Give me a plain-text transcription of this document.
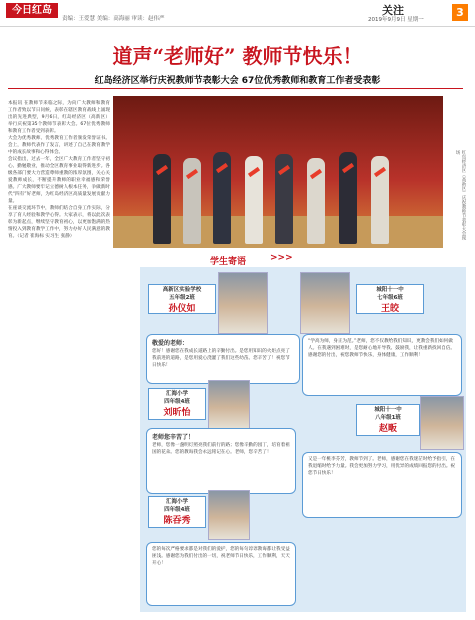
今日红岛
责编：王爱慧 美编：高海丽 审读：赵伟严
关注
2019年9月9日 星期一
3
道声“老师好” 教师节快乐！
红岛经济区举行庆祝教师节表彰大会 67位优秀教师和教育工作者受表彰
本报讯 在教师节来临之际，为向广大教师和教育工作者致以节日问候，表彰在辖区教育战线上涌现出的先进典型，9月6日，红岛经济区（高新区）举行庆祝第35个教师节表彰大会。67位优秀教师和教育工作者受到表彰。
大会为优秀教师、优秀教育工作者颁发荣誉证书。会上，教师代表作了发言，讲述了自己在教育教学中的成长故事和心得体会。
会议指出，过去一年，全区广大教育工作者坚守初心、勤勉敬业，推动全区教育事业取得新进步。各级各部门要大力营造尊师重教的浓厚氛围，关心关爱教师成长，不断提升教师的职业幸福感和荣誉感。广大教师要牢记立德树人根本任务，争做新时代“四有”好老师，为红岛经济区高质量发展贡献力量。
在座谈交流环节中，教师们结合自身工作实际，分享了育人经验和教学心得。大家表示，将以此次表彰为新起点，继续坚守教育初心，以更加饱满的热情投入到教育教学工作中，努力办好人民满意的教育。（记者 崔海标 实习生 张静）	红岛经济区（高新区）庆祝教师节表彰大会现场
学生寄语	>>>
高新区实验学校
五年级2班
孙仪如
敬爱的老师：
您好！感谢您在我成长道路上的辛勤付出。是您用知识的火炬点亮了我前进的道路，是您用爱心浇灌了我们这些幼苗。您辛苦了！祝您节日快乐！
城阳十一中
七年级6班
王皎
“学高为师，身正为范。”老师，您不仅教给我们知识，更教会我们如何做人。在我遇到困难时，是您耐心地开导我、鼓励我，让我重新找回自信。感谢您的付出，祝您教师节快乐，身体健康，工作顺利！
汇海小学
四年级4班
刘昕怡
老师您辛苦了！
老师，您像一盏明灯照亮我们前行的路；您像辛勤的园丁，培育着祖国的花朵。您的教诲我会永远铭记在心。老师，您辛苦了！
城阳十一中
八年级1班
赵畈
又是一年桃李芬芳，教师节到了。老师，感谢您在我迷茫时给予指引，在我退缩时给予力量。我会更加努力学习，用优异的成绩回报您的付出。祝您节日快乐！
汇海小学
四年级4班
陈吞秀
您的每次严格要求都是对我们的爱护，您的每句谆谆教诲都让我受益匪浅。感谢您为我们付出的一切，祝老师节日快乐，工作顺利，天天开心！
